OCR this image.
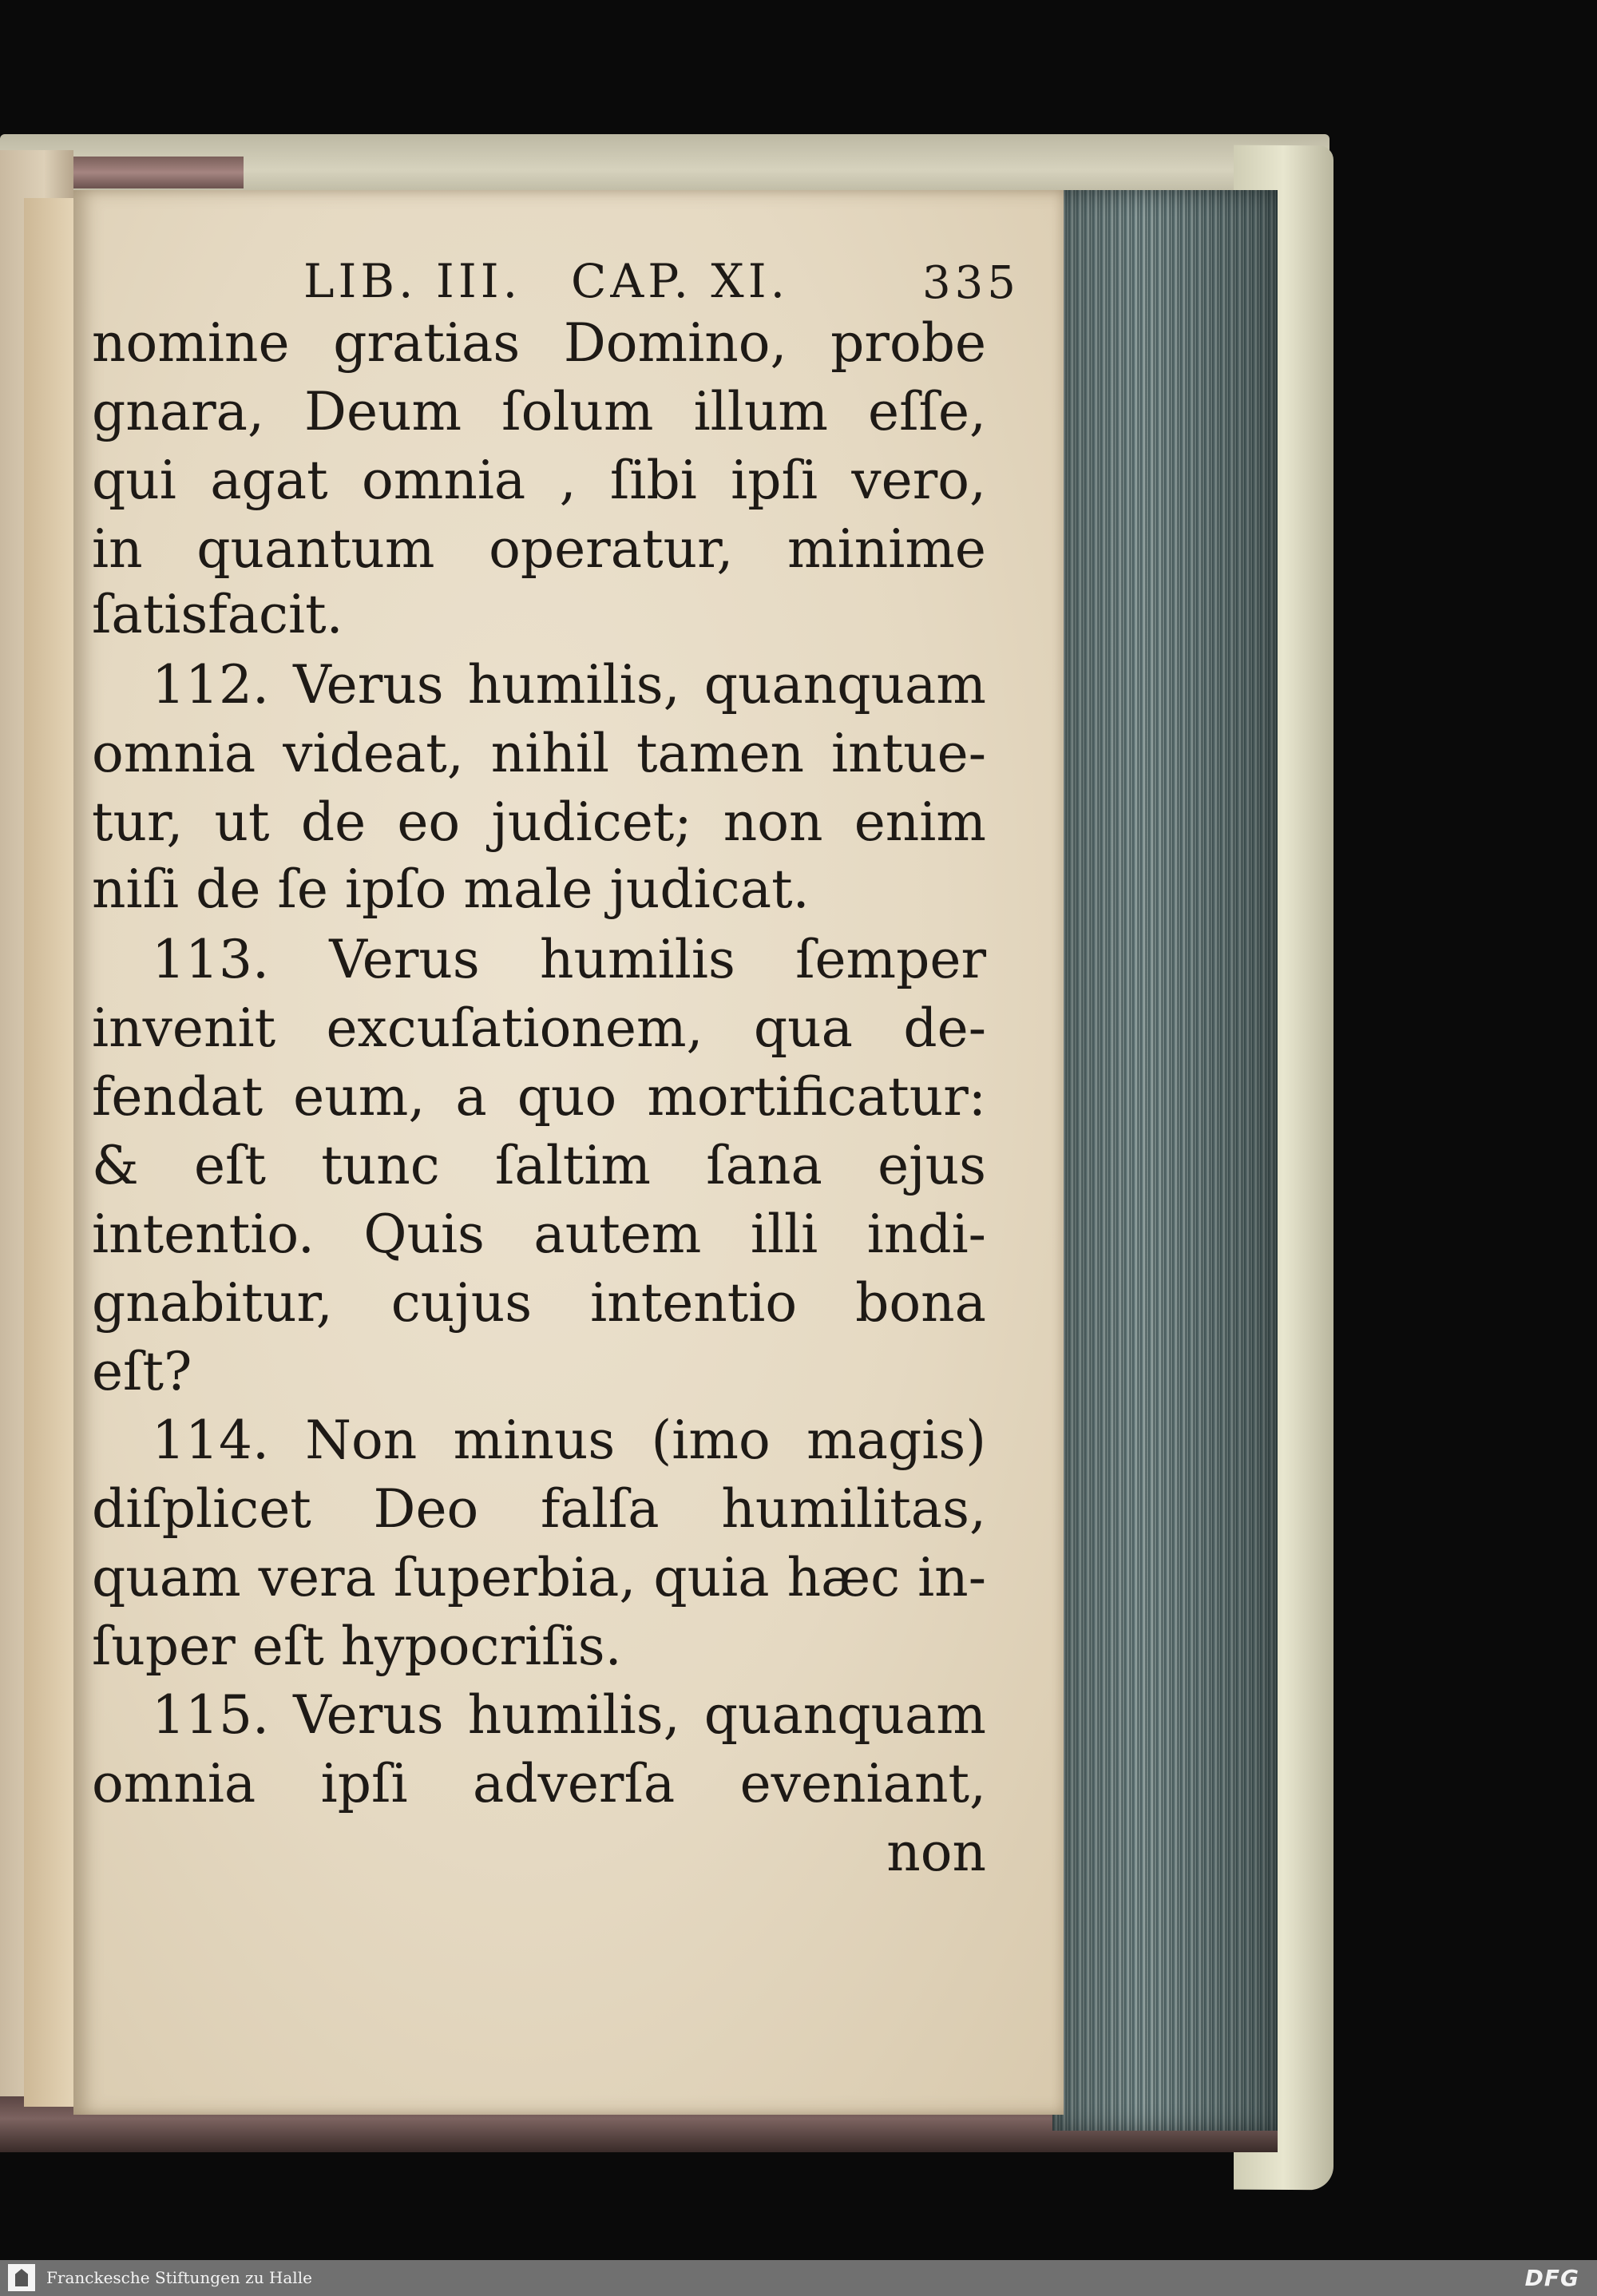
LIB. III. CAP. XI.	335
nomine gratias Domino, probe
gnara, Deum ſolum illum eſſe,
qui agat omnia , ſibi ipſi vero,
in quantum operatur, minime
ſatisfacit.
112. Verus humilis, quanquam
omnia videat, nihil tamen intue-
tur, ut de eo judicet; non enim
niſi de ſe ipſo male judicat.
113. Verus humilis ſemper
invenit excuſationem, qua de-
fendat eum, a quo mortificatur:
& eſt tunc ſaltim ſana ejus
intentio. Quis autem illi indi-
gnabitur, cujus intentio bona
eſt?
114. Non minus (imo magis)
diſplicet Deo falſa humilitas,
quam vera ſuperbia, quia hæc in-
ſuper eſt hypocriſis.
115. Verus humilis, quanquam
omnia ipſi adverſa eveniant,
non
Franckesche Stiftungen zu Halle	DFG
